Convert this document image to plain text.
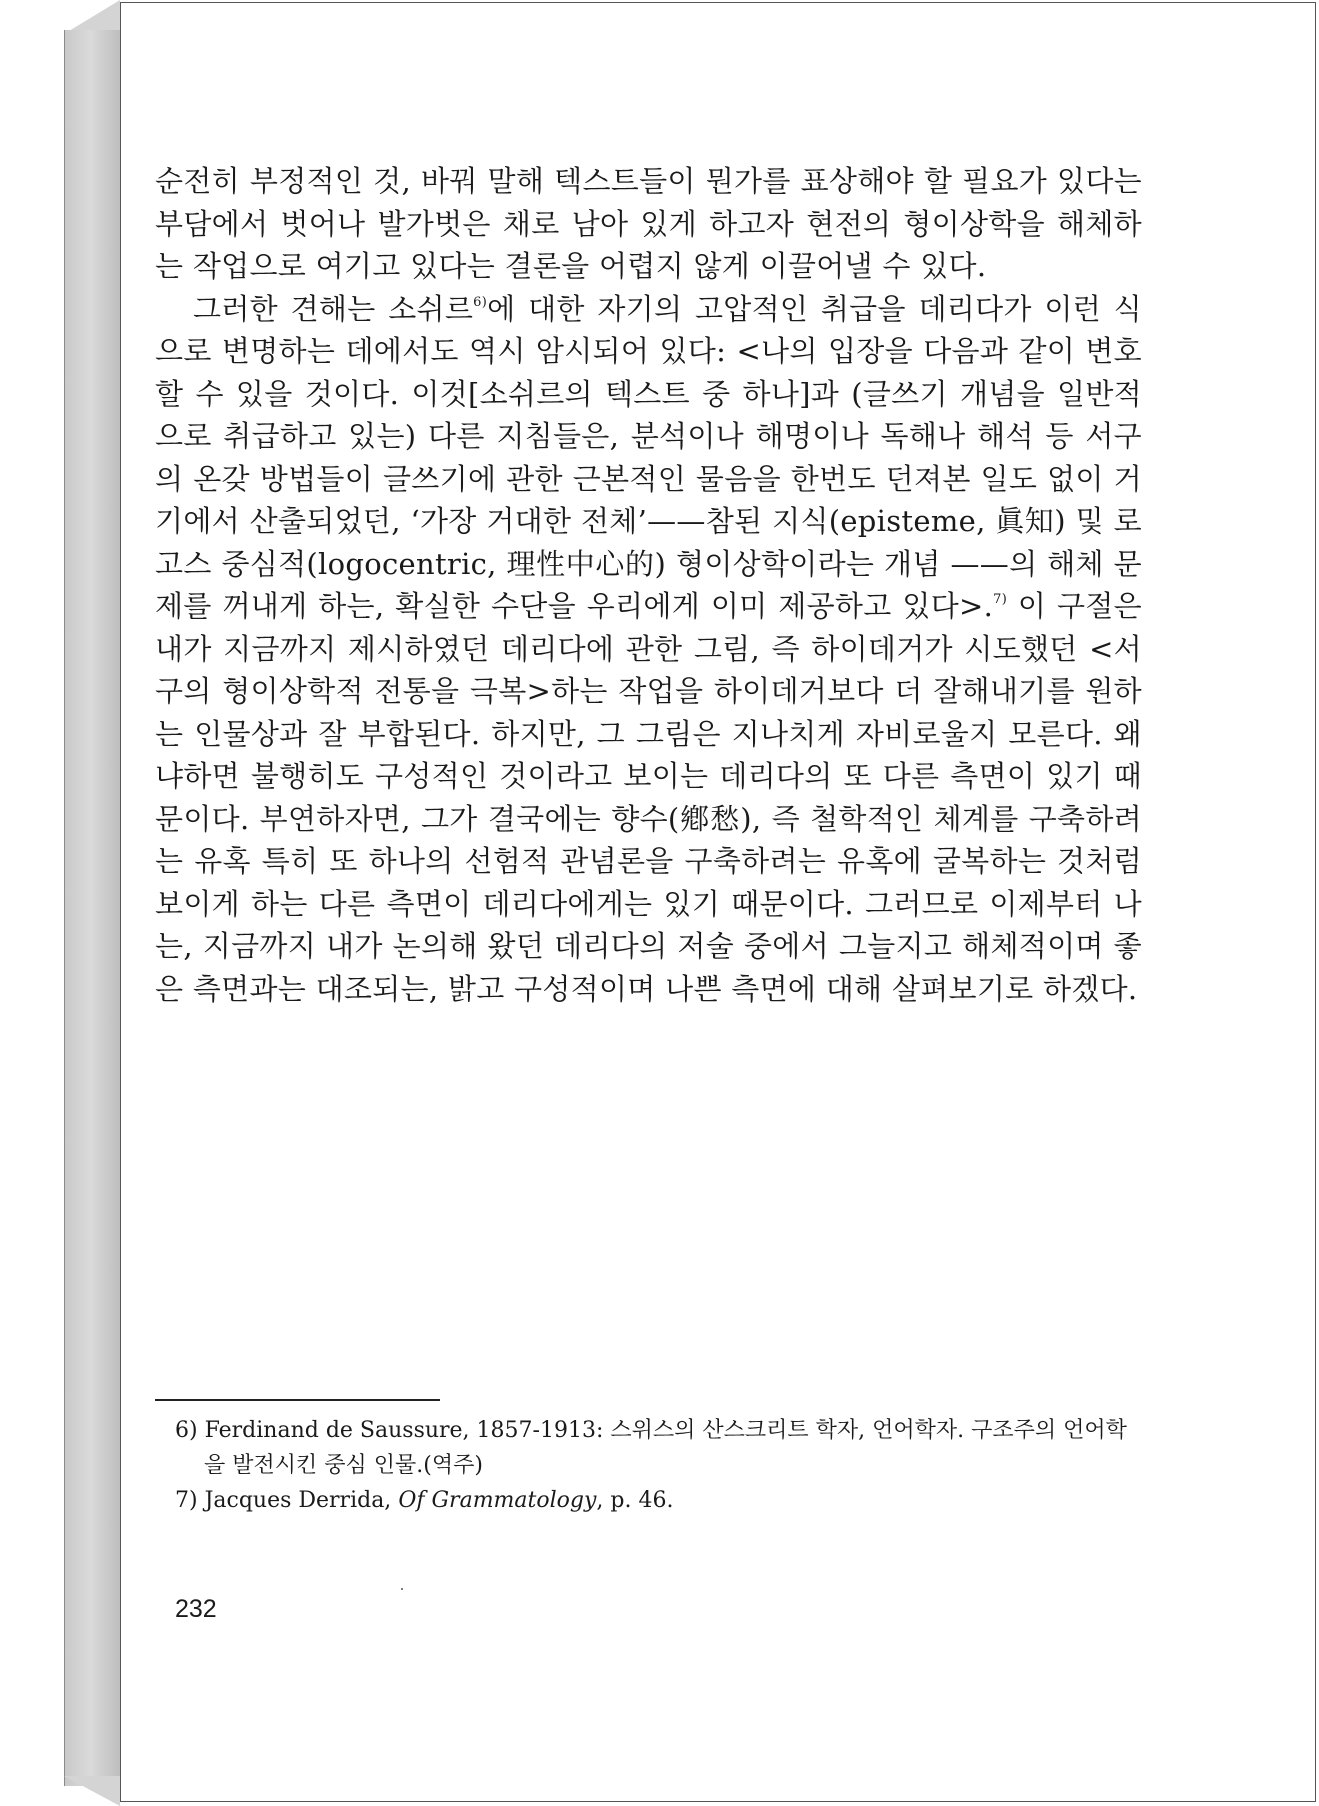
순전히 부정적인 것, 바꿔 말해 텍스트들이 뭔가를 표상해야 할 필요가 있다는 부담에서 벗어나 발가벗은 채로 남아 있게 하고자 현전의 형이상학을 해체하는 작업으로 여기고 있다는 결론을 어렵지 않게 이끌어낼 수 있다.

그러한 견해는 소쉬르$^{6)}$에 대한 자기의 고압적인 취급을 데리다가 이런 식으로 변명하는 데에서도 역시 암시되어 있다: <나의 입장을 다음과 같이 변호할 수 있을 것이다. 이것[소쉬르의 텍스트 중 하나]과 (글쓰기 개념을 일반적으로 취급하고 있는) 다른 지침들은, 분석이나 해명이나 독해나 해석 등 서구의 온갖 방법들이 글쓰기에 관한 근본적인 물음을 한번도 던져본 일도 없이 거기에서 산출되었던, ‘가장 거대한 전체’——참된 지식(episteme, 眞知) 및 로고스 중심적(logocentric, 理性中心的) 형이상학이라는 개념 ——의 해체 문제를 꺼내게 하는, 확실한 수단을 우리에게 이미 제공하고 있다>.$^{7)}$ 이 구절은 내가 지금까지 제시하였던 데리다에 관한 그림, 즉 하이데거가 시도했던 <서구의 형이상학적 전통을 극복>하는 작업을 하이데거보다 더 잘해내기를 원하는 인물상과 잘 부합된다. 하지만, 그 그림은 지나치게 자비로울지 모른다. 왜냐하면 불행히도 구성적인 것이라고 보이는 데리다의 또 다른 측면이 있기 때문이다. 부연하자면, 그가 결국에는 향수(鄕愁), 즉 철학적인 체계를 구축하려는 유혹 특히 또 하나의 선험적 관념론을 구축하려는 유혹에 굴복하는 것처럼 보이게 하는 다른 측면이 데리다에게는 있기 때문이다. 그러므로 이제부터 나는, 지금까지 내가 논의해 왔던 데리다의 저술 중에서 그늘지고 해체적이며 좋은 측면과는 대조되는, 밝고 구성적이며 나쁜 측면에 대해 살펴보기로 하겠다.

6) Ferdinand de Saussure, 1857-1913: 스위스의 산스크리트 학자, 언어학자. 구조주의 언어학을 발전시킨 중심 인물.(역주)

7) Jacques Derrida, Of Grammatology, p. 46.

232
